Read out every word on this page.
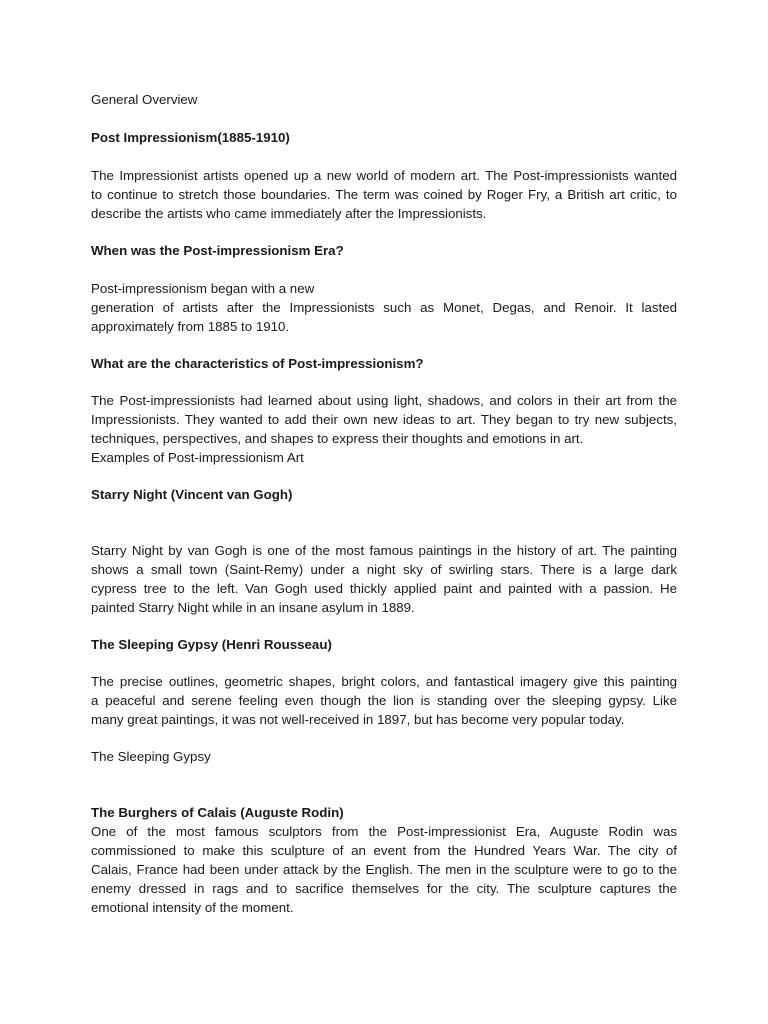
General Overview

Post Impressionism(1885-1910)

The Impressionist artists opened up a new world of modern art. The Post-impressionists wanted
to continue to stretch those boundaries. The term was coined by Roger Fry, a British art critic, to
describe the artists who came immediately after the Impressionists.

When was the Post-impressionism Era?

Post-impressionism began with a new
generation of artists after the Impressionists such as Monet, Degas, and Renoir. It lasted
approximately from 1885 to 1910.

What are the characteristics of Post-impressionism?

The Post-impressionists had learned about using light, shadows, and colors in their art from the
Impressionists. They wanted to add their own new ideas to art. They began to try new subjects,
techniques, perspectives, and shapes to express their thoughts and emotions in art.
Examples of Post-impressionism Art

Starry Night (Vincent van Gogh)

Starry Night by van Gogh is one of the most famous paintings in the history of art. The painting
shows a small town (Saint-Remy) under a night sky of swirling stars. There is a large dark
cypress tree to the left. Van Gogh used thickly applied paint and painted with a passion. He
painted Starry Night while in an insane asylum in 1889.

The Sleeping Gypsy (Henri Rousseau)

The precise outlines, geometric shapes, bright colors, and fantastical imagery give this painting
a peaceful and serene feeling even though the lion is standing over the sleeping gypsy. Like
many great paintings, it was not well-received in 1897, but has become very popular today.

The Sleeping Gypsy

The Burghers of Calais (Auguste Rodin)

One of the most famous sculptors from the Post-impressionist Era, Auguste Rodin was
commissioned to make this sculpture of an event from the Hundred Years War. The city of
Calais, France had been under attack by the English. The men in the sculpture were to go to the
enemy dressed in rags and to sacrifice themselves for the city. The sculpture captures the
emotional intensity of the moment.
